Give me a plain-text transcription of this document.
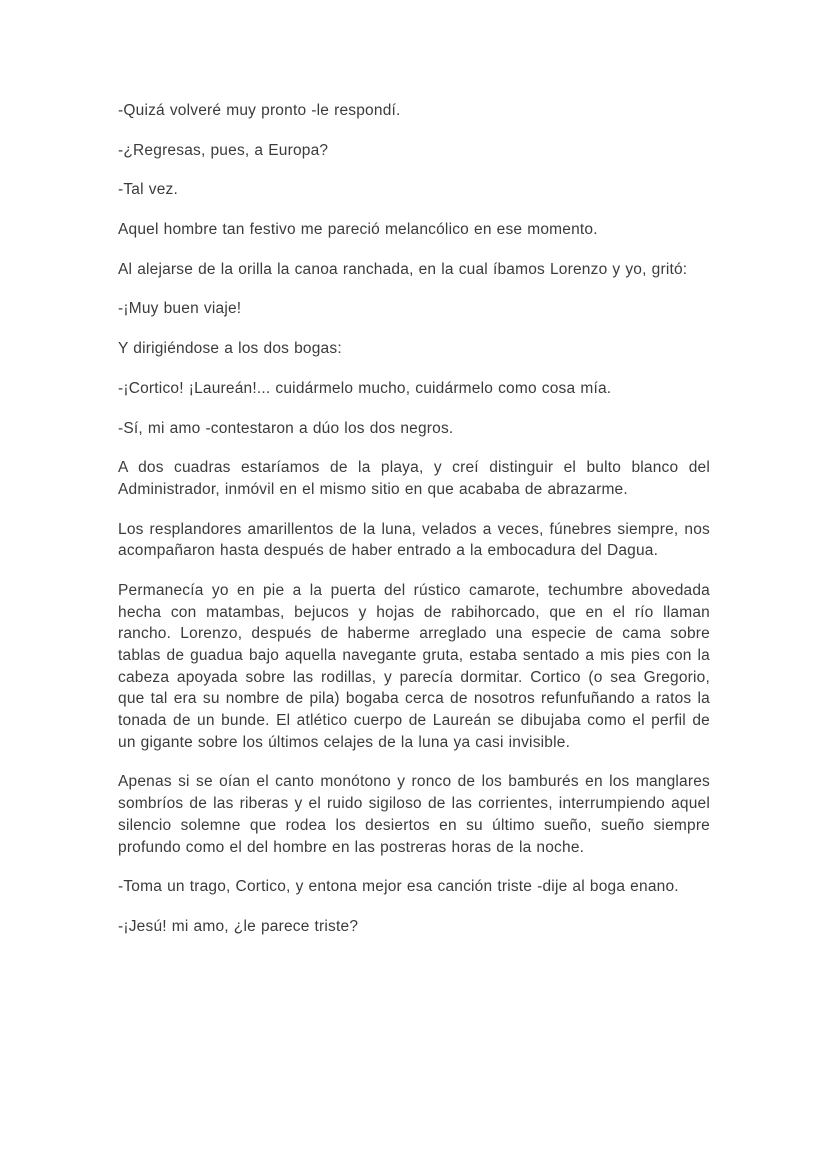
-Quizá volveré muy pronto -le respondí.

-¿Regresas, pues, a Europa?

-Tal vez.

Aquel hombre tan festivo me pareció melancólico en ese momento.

Al alejarse de la orilla la canoa ranchada, en la cual íbamos Lorenzo y yo, gritó:

-¡Muy buen viaje!

Y dirigiéndose a los dos bogas:

-¡Cortico! ¡Laureán!... cuidármelo mucho, cuidármelo como cosa mía.

-Sí, mi amo -contestaron a dúo los dos negros.

A dos cuadras estaríamos de la playa, y creí distinguir el bulto blanco del Administrador, inmóvil en el mismo sitio en que acababa de abrazarme.

Los resplandores amarillentos de la luna, velados a veces, fúnebres siempre, nos acompañaron hasta después de haber entrado a la embocadura del Dagua.

Permanecía yo en pie a la puerta del rústico camarote, techumbre abovedada hecha con matambas, bejucos y hojas de rabihorcado, que en el río llaman rancho. Lorenzo, después de haberme arreglado una especie de cama sobre tablas de guadua bajo aquella navegante gruta, estaba sentado a mis pies con la cabeza apoyada sobre las rodillas, y parecía dormitar. Cortico (o sea Gregorio, que tal era su nombre de pila) bogaba cerca de nosotros refunfuñando a ratos la tonada de un bunde. El atlético cuerpo de Laureán se dibujaba como el perfil de un gigante sobre los últimos celajes de la luna ya casi invisible.

Apenas si se oían el canto monótono y ronco de los bamburés en los manglares sombríos de las riberas y el ruido sigiloso de las corrientes, interrumpiendo aquel silencio solemne que rodea los desiertos en su último sueño, sueño siempre profundo como el del hombre en las postreras horas de la noche.

-Toma un trago, Cortico, y entona mejor esa canción triste -dije al boga enano.

-¡Jesú! mi amo, ¿le parece triste?
